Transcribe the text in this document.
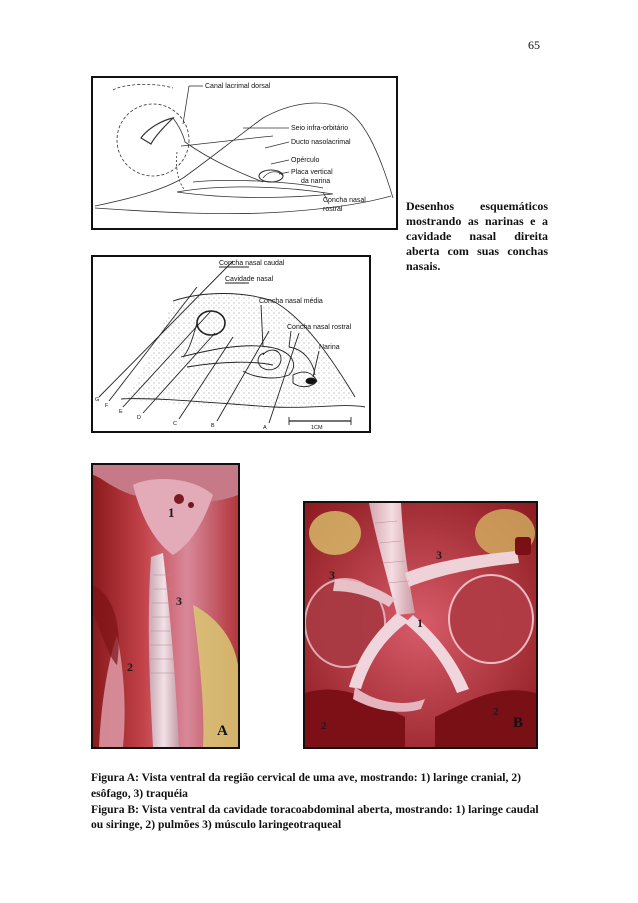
65
Canal lacrimal dorsal
Seio infra-orbitário
Ducto nasolacrimal
Opérculo
Placa vertical
da narina
Concha nasal
rostral
Concha nasal caudal
Cavidade nasal
Concha nasal média
Concha nasal rostral
Narina
1CM
G
F
E
D
C	B	A
Desenhos esquemáticos mostrando as narinas e a cavidade nasal direita aberta com suas conchas nasais.
1
3
2
A
3
3
1
2
2	B

Figura A: Vista ventral da região cervical de uma ave, mostrando: 1) laringe cranial, 2) esôfago, 3) traquéia

Figura B: Vista ventral da cavidade toracoabdominal aberta, mostrando: 1) laringe caudal ou siringe, 2) pulmões 3) músculo laringeotraqueal
